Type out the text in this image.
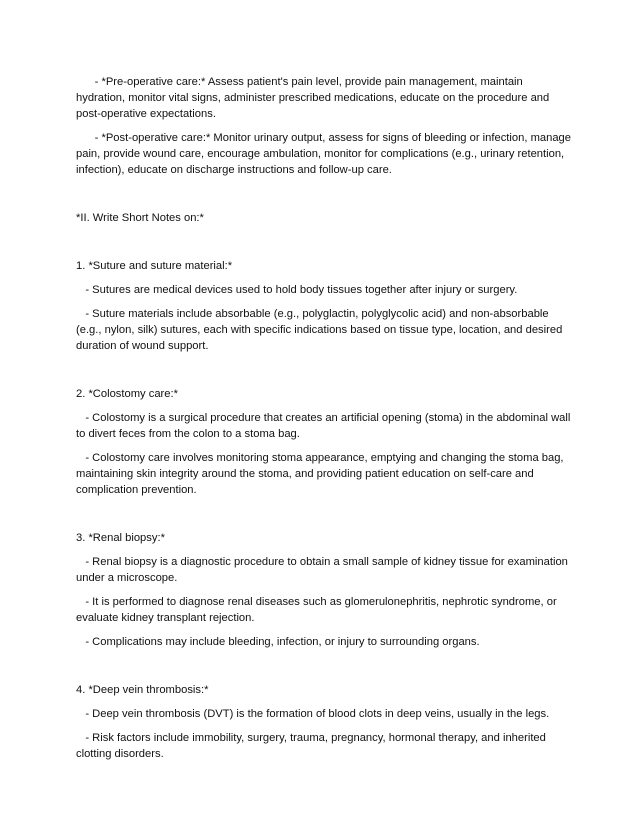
- *Pre-operative care:* Assess patient's pain level, provide pain management, maintain hydration, monitor vital signs, administer prescribed medications, educate on the procedure and post-operative expectations.

- *Post-operative care:* Monitor urinary output, assess for signs of bleeding or infection, manage pain, provide wound care, encourage ambulation, monitor for complications (e.g., urinary retention, infection), educate on discharge instructions and follow-up care.

*II. Write Short Notes on:*

1. *Suture and suture material:*

- Sutures are medical devices used to hold body tissues together after injury or surgery.

- Suture materials include absorbable (e.g., polyglactin, polyglycolic acid) and non-absorbable (e.g., nylon, silk) sutures, each with specific indications based on tissue type, location, and desired duration of wound support.

2. *Colostomy care:*

- Colostomy is a surgical procedure that creates an artificial opening (stoma) in the abdominal wall to divert feces from the colon to a stoma bag.

- Colostomy care involves monitoring stoma appearance, emptying and changing the stoma bag, maintaining skin integrity around the stoma, and providing patient education on self-care and complication prevention.

3. *Renal biopsy:*

- Renal biopsy is a diagnostic procedure to obtain a small sample of kidney tissue for examination under a microscope.

- It is performed to diagnose renal diseases such as glomerulonephritis, nephrotic syndrome, or evaluate kidney transplant rejection.

- Complications may include bleeding, infection, or injury to surrounding organs.

4. *Deep vein thrombosis:*

- Deep vein thrombosis (DVT) is the formation of blood clots in deep veins, usually in the legs.

- Risk factors include immobility, surgery, trauma, pregnancy, hormonal therapy, and inherited clotting disorders.
